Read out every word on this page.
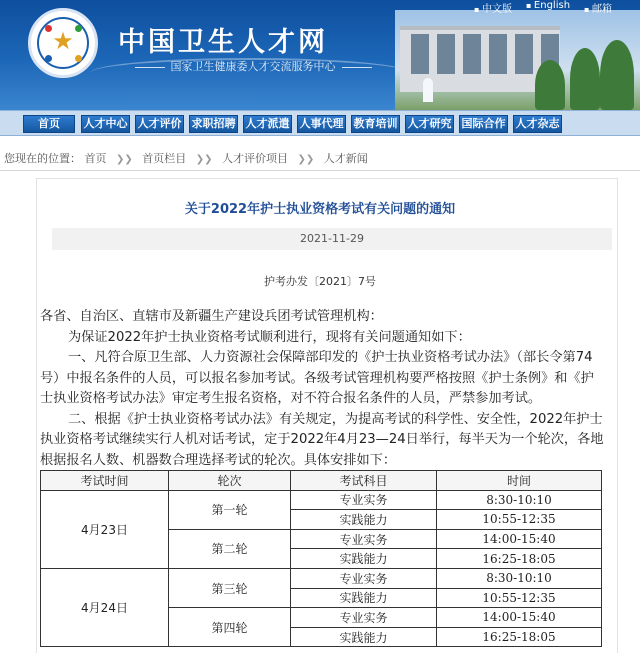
★	中国卫生人才网
国家卫生健康委人才交流服务中心
▪ 中文版	▪ English	▪ 邮箱
首页	人才中心 人才评价 求职招聘 人才派遣 人事代理 教育培训 人才研究 国际合作 人才杂志
您现在的位置： 首页 ❯❯ 首页栏目 ❯❯ 人才评价项目 ❯❯ 人才新闻
关于2022年护士执业资格考试有关问题的通知
2021-11-29
护考办发〔2021〕7号

各省、自治区、直辖市及新疆生产建设兵团考试管理机构：

为保证2022年护士执业资格考试顺利进行，现将有关问题通知如下：

一、凡符合原卫生部、人力资源社会保障部印发的《护士执业资格考试办法》（部长令第74号）中报名条件的人员，可以报名参加考试。各级考试管理机构要严格按照《护士条例》和《护士执业资格考试办法》审定考生报名资格，对不符合报名条件的人员，严禁参加考试。

二、根据《护士执业资格考试办法》有关规定，为提高考试的科学性、安全性，2022年护士执业资格考试继续实行人机对话考试，定于2022年4月23—24日举行，每半天为一个轮次，各地根据报名人数、机器数合理选择考试的轮次。具体安排如下：

考试时间	轮次	考试科目	时间
4月23日	第一轮	专业实务	8:30-10:10
		实践能力	10:55-12:35
	第二轮	专业实务	14:00-15:40
		实践能力	16:25-18:05
4月24日	第三轮	专业实务	8:30-10:10
		实践能力	10:55-12:35
	第四轮	专业实务	14:00-15:40
		实践能力	16:25-18:05
